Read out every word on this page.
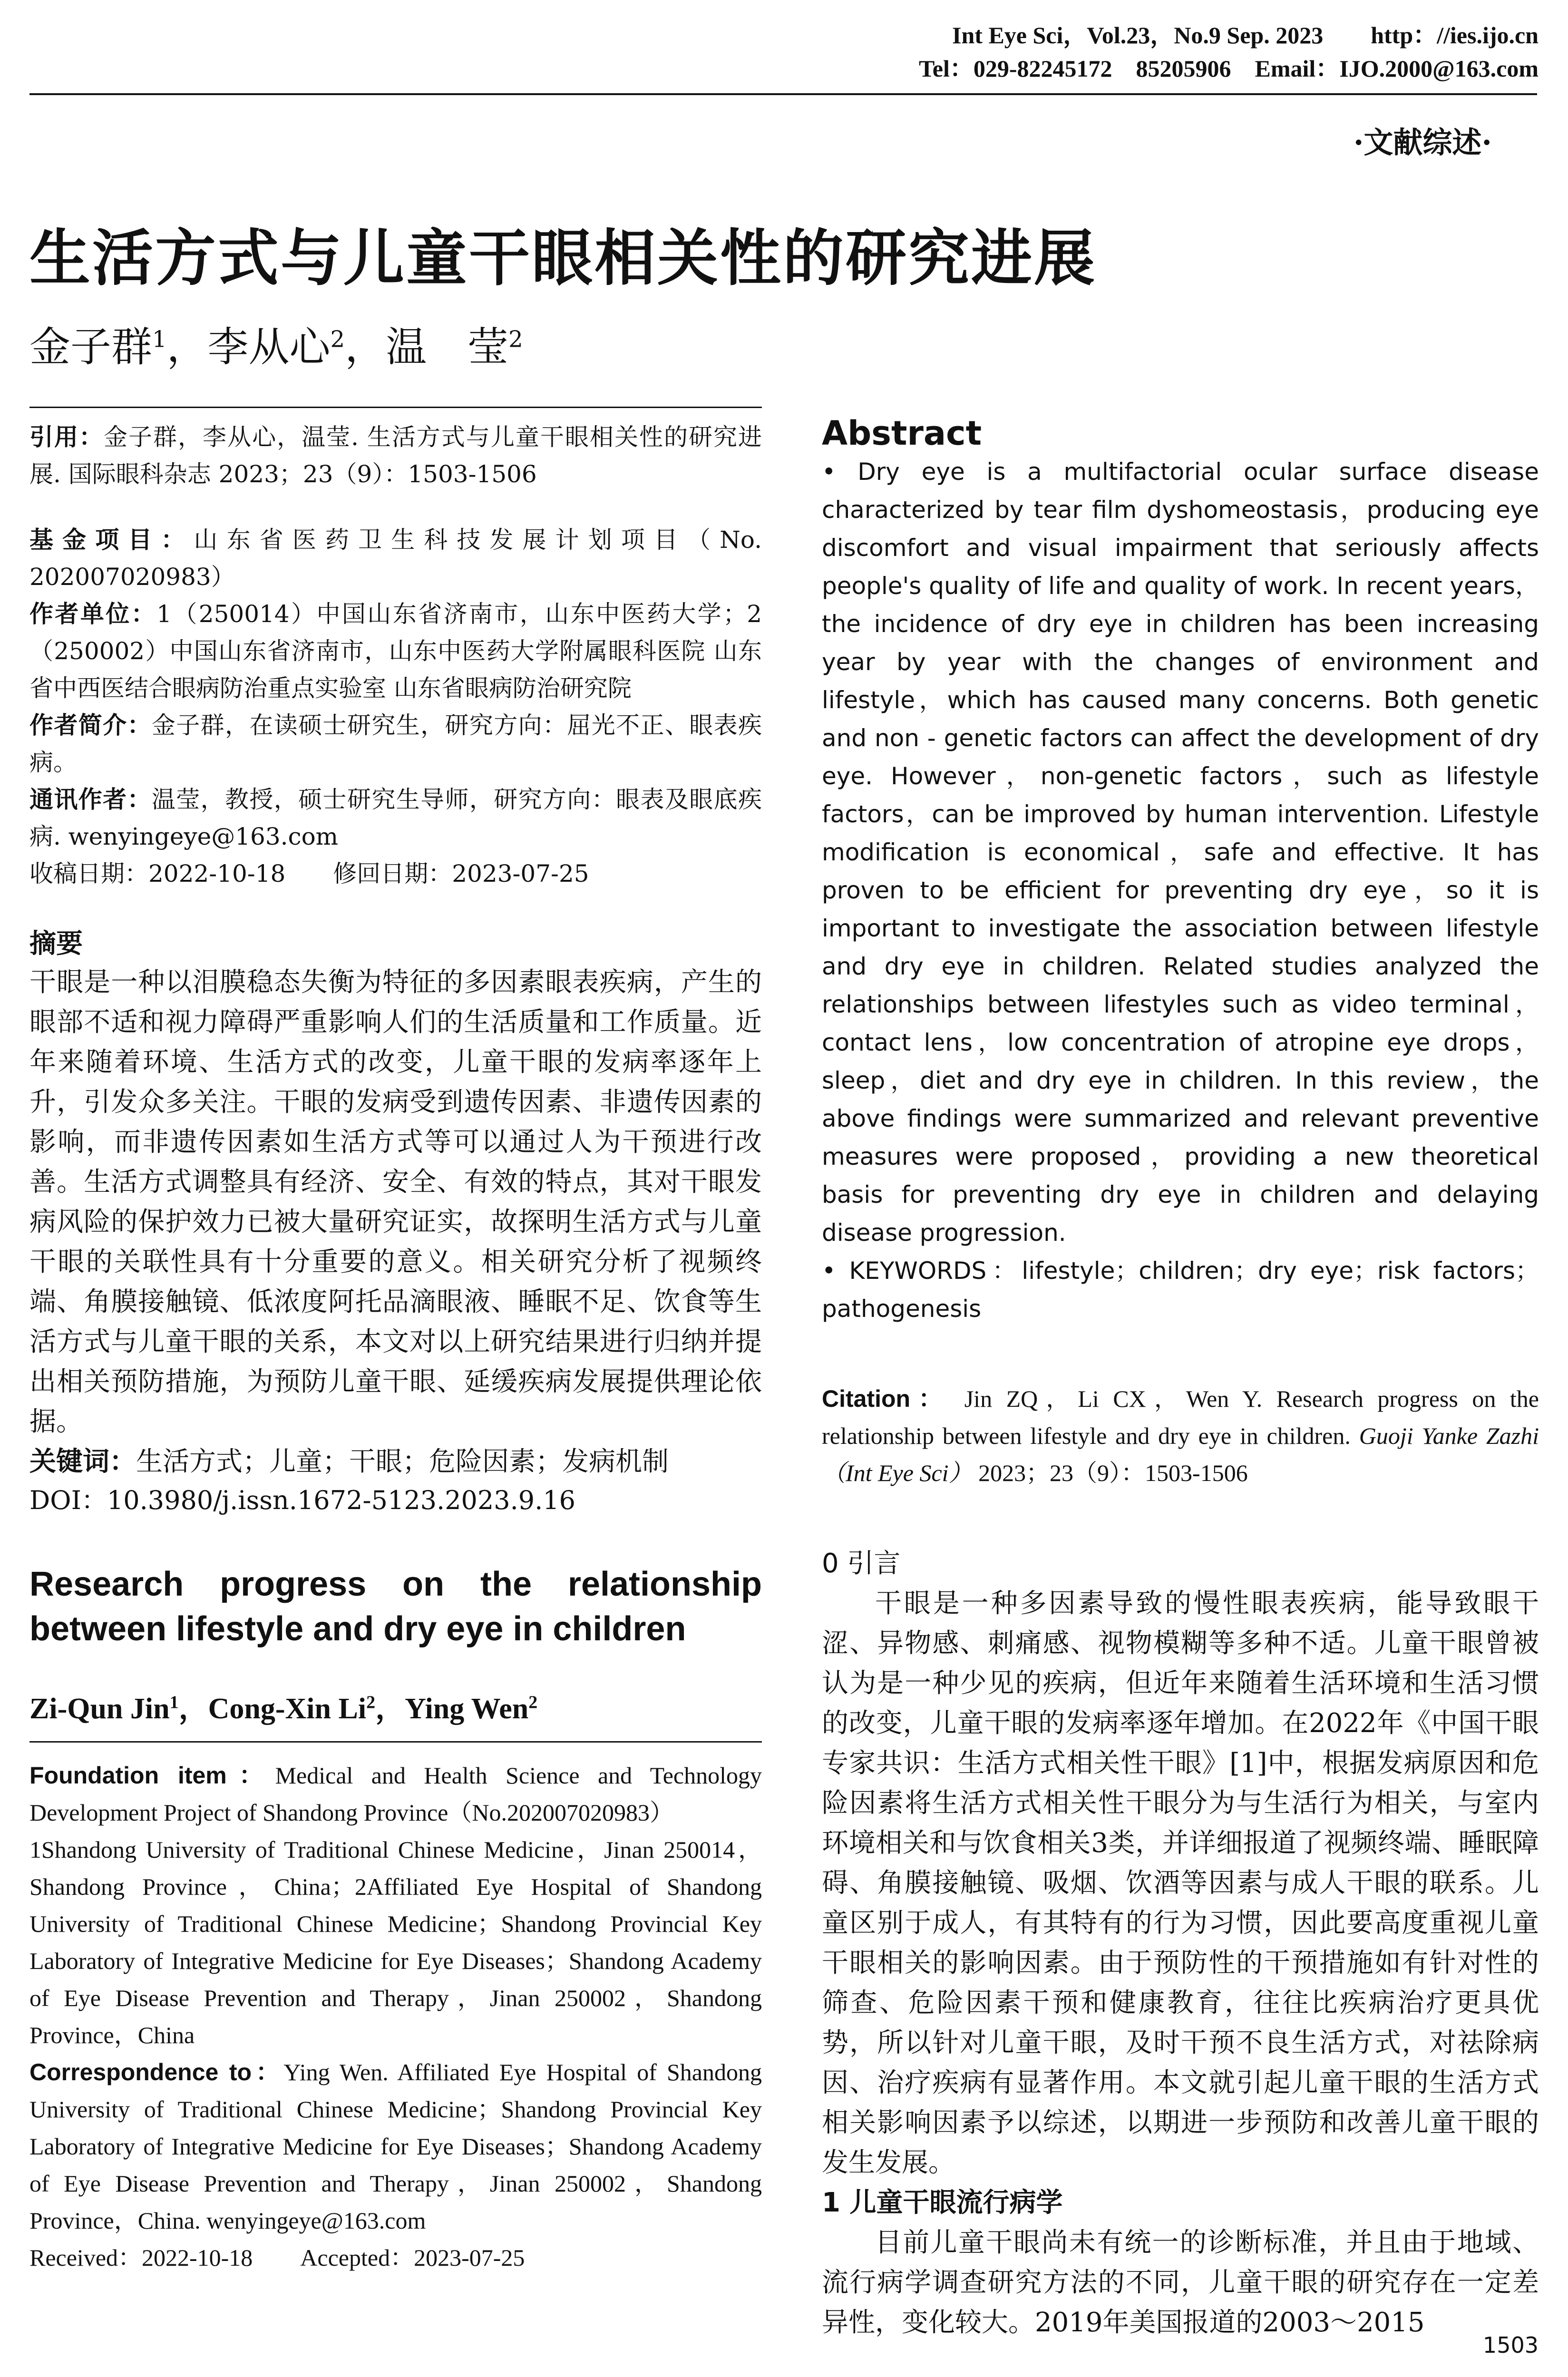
Int Eye Sci，Vol.23，No.9 Sep. 2023　　http：//ies.ijo.cn
Tel：029-82245172　85205906　Email：IJO.2000@163.com
·文献综述·
生活方式与儿童干眼相关性的研究进展
金子群$^1$，李从心$^2$，温　莹$^2$

引用：金子群，李从心，温莹. 生活方式与儿童干眼相关性的研究进展. 国际眼科杂志 2023；23（9）：1503-1506

基金项目：山东省医药卫生科技发展计划项目（No. 202007020983）

作者单位：1（250014）中国山东省济南市，山东中医药大学；2（250002）中国山东省济南市，山东中医药大学附属眼科医院 山东省中西医结合眼病防治重点实验室 山东省眼病防治研究院

作者简介：金子群，在读硕士研究生，研究方向：屈光不正、眼表疾病。

通讯作者：温莹，教授，硕士研究生导师，研究方向：眼表及眼底疾病. wenyingeye@163.com

收稿日期：2022-10-18　　修回日期：2023-07-25

摘要

干眼是一种以泪膜稳态失衡为特征的多因素眼表疾病，产生的眼部不适和视力障碍严重影响人们的生活质量和工作质量。近年来随着环境、生活方式的改变，儿童干眼的发病率逐年上升，引发众多关注。干眼的发病受到遗传因素、非遗传因素的影响，而非遗传因素如生活方式等可以通过人为干预进行改善。生活方式调整具有经济、安全、有效的特点，其对干眼发病风险的保护效力已被大量研究证实，故探明生活方式与儿童干眼的关联性具有十分重要的意义。相关研究分析了视频终端、角膜接触镜、低浓度阿托品滴眼液、睡眠不足、饮食等生活方式与儿童干眼的关系，本文对以上研究结果进行归纳并提出相关预防措施，为预防儿童干眼、延缓疾病发展提供理论依据。

关键词：生活方式；儿童；干眼；危险因素；发病机制

DOI：10.3980/j.issn.1672-5123.2023.9.16

Research progress on the relationship between lifestyle and dry eye in children

Zi-Qun Jin$^1$，Cong-Xin Li$^2$，Ying Wen$^2$

Foundation item：Medical and Health Science and Technology Development Project of Shandong Province（No.202007020983）

1Shandong University of Traditional Chinese Medicine，Jinan 250014，Shandong Province，China；2Affiliated Eye Hospital of Shandong University of Traditional Chinese Medicine；Shandong Provincial Key Laboratory of Integrative Medicine for Eye Diseases；Shandong Academy of Eye Disease Prevention and Therapy，Jinan 250002，Shandong Province，China

Correspondence to：Ying Wen. Affiliated Eye Hospital of Shandong University of Traditional Chinese Medicine；Shandong Provincial Key Laboratory of Integrative Medicine for Eye Diseases；Shandong Academy of Eye Disease Prevention and Therapy，Jinan 250002，Shandong Province，China. wenyingeye@163.com

Received：2022-10-18　　Accepted：2023-07-25

Abstract

• Dry eye is a multifactorial ocular surface disease characterized by tear film dyshomeostasis，producing eye discomfort and visual impairment that seriously affects people's quality of life and quality of work. In recent years，the incidence of dry eye in children has been increasing year by year with the changes of environment and lifestyle，which has caused many concerns. Both genetic and non - genetic factors can affect the development of dry eye. However，non-genetic factors，such as lifestyle factors，can be improved by human intervention. Lifestyle modification is economical，safe and effective. It has proven to be efficient for preventing dry eye，so it is important to investigate the association between lifestyle and dry eye in children. Related studies analyzed the relationships between lifestyles such as video terminal，contact lens，low concentration of atropine eye drops，sleep，diet and dry eye in children. In this review，the above findings were summarized and relevant preventive measures were proposed，providing a new theoretical basis for preventing dry eye in children and delaying disease progression.

• KEYWORDS：lifestyle；children；dry eye；risk factors；pathogenesis

Citation： Jin ZQ，Li CX，Wen Y. Research progress on the relationship between lifestyle and dry eye in children. Guoji Yanke Zazhi（Int Eye Sci） 2023；23（9）：1503-1506

0 引言

干眼是一种多因素导致的慢性眼表疾病，能导致眼干涩、异物感、刺痛感、视物模糊等多种不适。儿童干眼曾被认为是一种少见的疾病，但近年来随着生活环境和生活习惯的改变，儿童干眼的发病率逐年增加。在2022年《中国干眼专家共识：生活方式相关性干眼》[1]中，根据发病原因和危险因素将生活方式相关性干眼分为与生活行为相关，与室内环境相关和与饮食相关3类，并详细报道了视频终端、睡眠障碍、角膜接触镜、吸烟、饮酒等因素与成人干眼的联系。儿童区别于成人，有其特有的行为习惯，因此要高度重视儿童干眼相关的影响因素。由于预防性的干预措施如有针对性的筛查、危险因素干预和健康教育，往往比疾病治疗更具优势，所以针对儿童干眼，及时干预不良生活方式，对祛除病因、治疗疾病有显著作用。本文就引起儿童干眼的生活方式相关影响因素予以综述，以期进一步预防和改善儿童干眼的发生发展。

1 儿童干眼流行病学

目前儿童干眼尚未有统一的诊断标准，并且由于地域、流行病学调查研究方法的不同，儿童干眼的研究存在一定差异性，变化较大。2019年美国报道的2003～2015

1503
